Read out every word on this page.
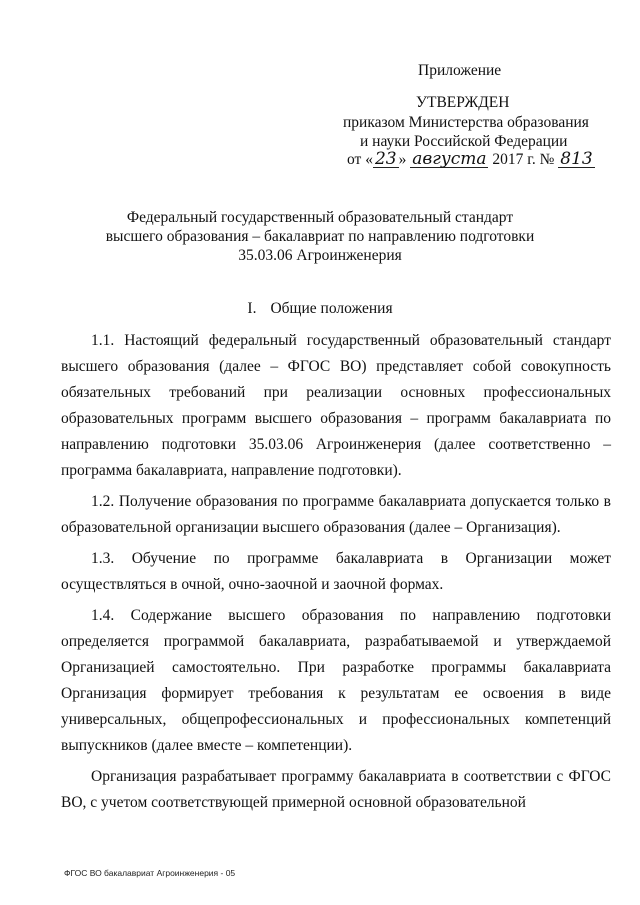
Приложение
УТВЕРЖДЕН
приказом Министерства образования
и науки Российской Федерации
от « 23 » августа 2017 г. № 813
Федеральный государственный образовательный стандарт
высшего образования – бакалавриат по направлению подготовки
35.03.06 Агроинженерия
I. Общие положения

1.1. Настоящий федеральный государственный образовательный стандарт высшего образования (далее – ФГОС ВО) представляет собой совокупность обязательных требований при реализации основных профессиональных образовательных программ высшего образования – программ бакалавриата по направлению подготовки 35.03.06 Агроинженерия (далее соответственно – программа бакалавриата, направление подготовки).

1.2. Получение образования по программе бакалавриата допускается только в образовательной организации высшего образования (далее – Организация).

1.3. Обучение по программе бакалавриата в Организации может осуществляться в очной, очно-заочной и заочной формах.

1.4. Содержание высшего образования по направлению подготовки определяется программой бакалавриата, разрабатываемой и утверждаемой Организацией самостоятельно. При разработке программы бакалавриата Организация формирует требования к результатам ее освоения в виде универсальных, общепрофессиональных и профессиональных компетенций выпускников (далее вместе – компетенции).

Организация разрабатывает программу бакалавриата в соответствии с ФГОС ВО, с учетом соответствующей примерной основной образовательной

ФГОС ВО бакалавриат Агроинженерия - 05
